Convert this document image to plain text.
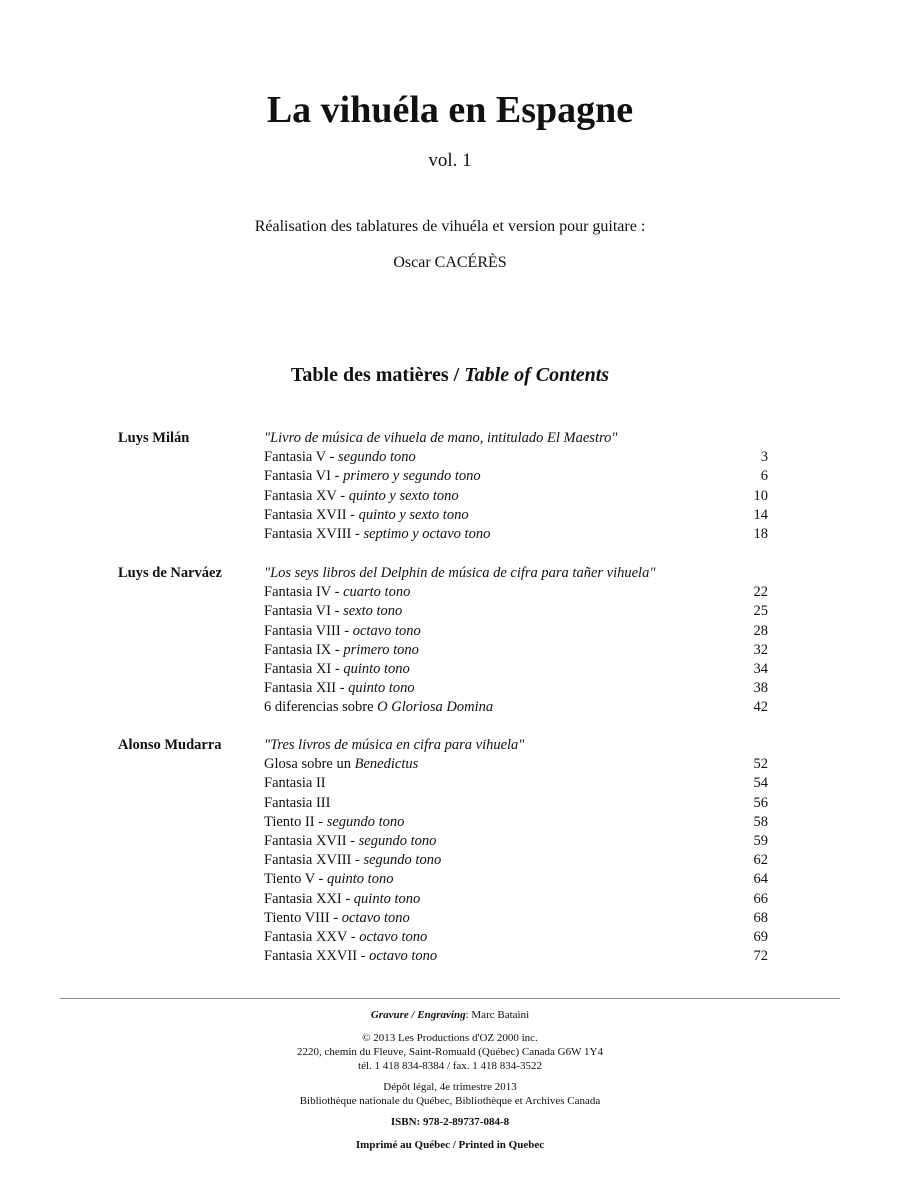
La vihuéla en Espagne
vol. 1
Réalisation des tablatures de vihuéla et version pour guitare :
Oscar CACÉRÈS
Table des matières / Table of Contents
Luys Milán	"Livro de música de vihuela de mano, intitulado El Maestro"
Fantasia V - segundo tono	3
Fantasia VI - primero y segundo tono	6
Fantasia XV - quinto y sexto tono	10
Fantasia XVII - quinto y sexto tono	14
Fantasia XVIII - septimo y octavo tono	18
Luys de Narváez	"Los seys libros del Delphin de música de cifra para tañer vihuela"
Fantasia IV - cuarto tono	22
Fantasia VI - sexto tono	25
Fantasia VIII - octavo tono	28
Fantasia IX - primero tono	32
Fantasia XI - quinto tono	34
Fantasia XII - quinto tono	38
6 diferencias sobre O Gloriosa Domina	42
Alonso Mudarra	"Tres livros de música en cifra para vihuela"
Glosa sobre un Benedictus	52
Fantasia II	54
Fantasia III	56
Tiento II - segundo tono	58
Fantasia XVII - segundo tono	59
Fantasia XVIII - segundo tono	62
Tiento V - quinto tono	64
Fantasia XXI - quinto tono	66
Tiento VIII - octavo tono	68
Fantasia XXV - octavo tono	69
Fantasia XXVII - octavo tono	72
Gravure / Engraving: Marc Bataini
© 2013 Les Productions d'OZ 2000 inc.
2220, chemin du Fleuve, Saint-Romuald (Québec) Canada G6W 1Y4
tél. 1 418 834-8384 / fax. 1 418 834-3522
Dépôt légal, 4e trimestre 2013
Bibliothèque nationale du Québec, Bibliothèque et Archives Canada
ISBN: 978-2-89737-084-8
Imprimé au Québec / Printed in Quebec
